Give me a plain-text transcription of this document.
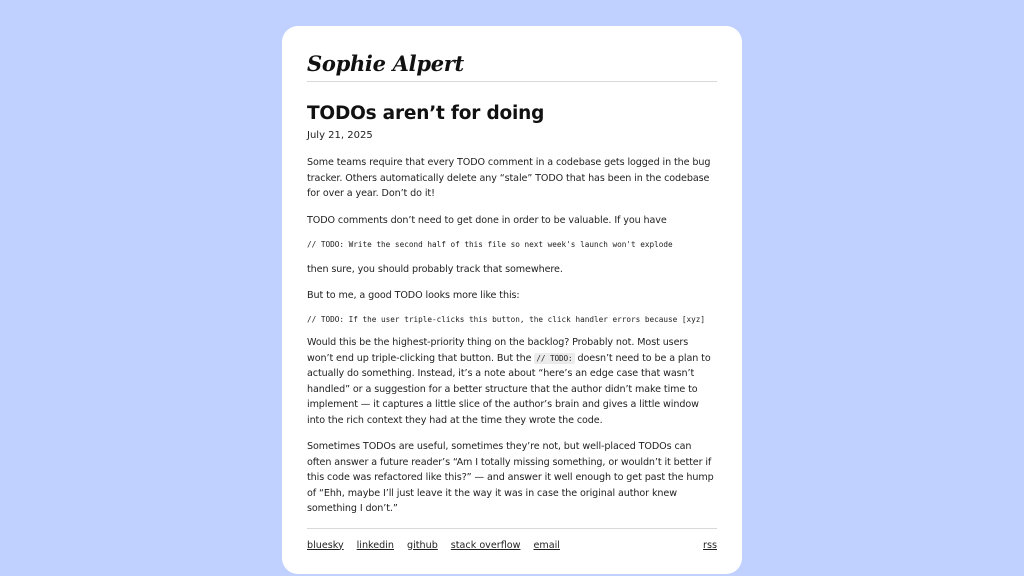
Sophie Alpert
TODOs aren’t for doing
July 21, 2025

Some teams require that every TODO comment in a codebase gets logged in the bug tracker. Others automatically delete any “stale” TODO that has been in the codebase for over a year. Don’t do it!

TODO comments don’t need to get done in order to be valuable. If you have

// TODO: Write the second half of this file so next week's launch won't explode

then sure, you should probably track that somewhere.

But to me, a good TODO looks more like this:

// TODO: If the user triple-clicks this button, the click handler errors because [xyz]

Would this be the highest-priority thing on the backlog? Probably not. Most users won’t end up triple-clicking that button. But the // TODO: doesn’t need to be a plan to actually do something. Instead, it’s a note about “here’s an edge case that wasn’t handled” or a suggestion for a better structure that the author didn’t make time to implement — it captures a little slice of the author’s brain and gives a little window into the rich context they had at the time they wrote the code.

Sometimes TODOs are useful, sometimes they’re not, but well-placed TODOs can often answer a future reader’s “Am I totally missing something, or wouldn’t it better if this code was refactored like this?” — and answer it well enough to get past the hump of “Ehh, maybe I’ll just leave it the way it was in case the original author knew something I don’t.”

bluesky linkedin github stack overflow email	rss
